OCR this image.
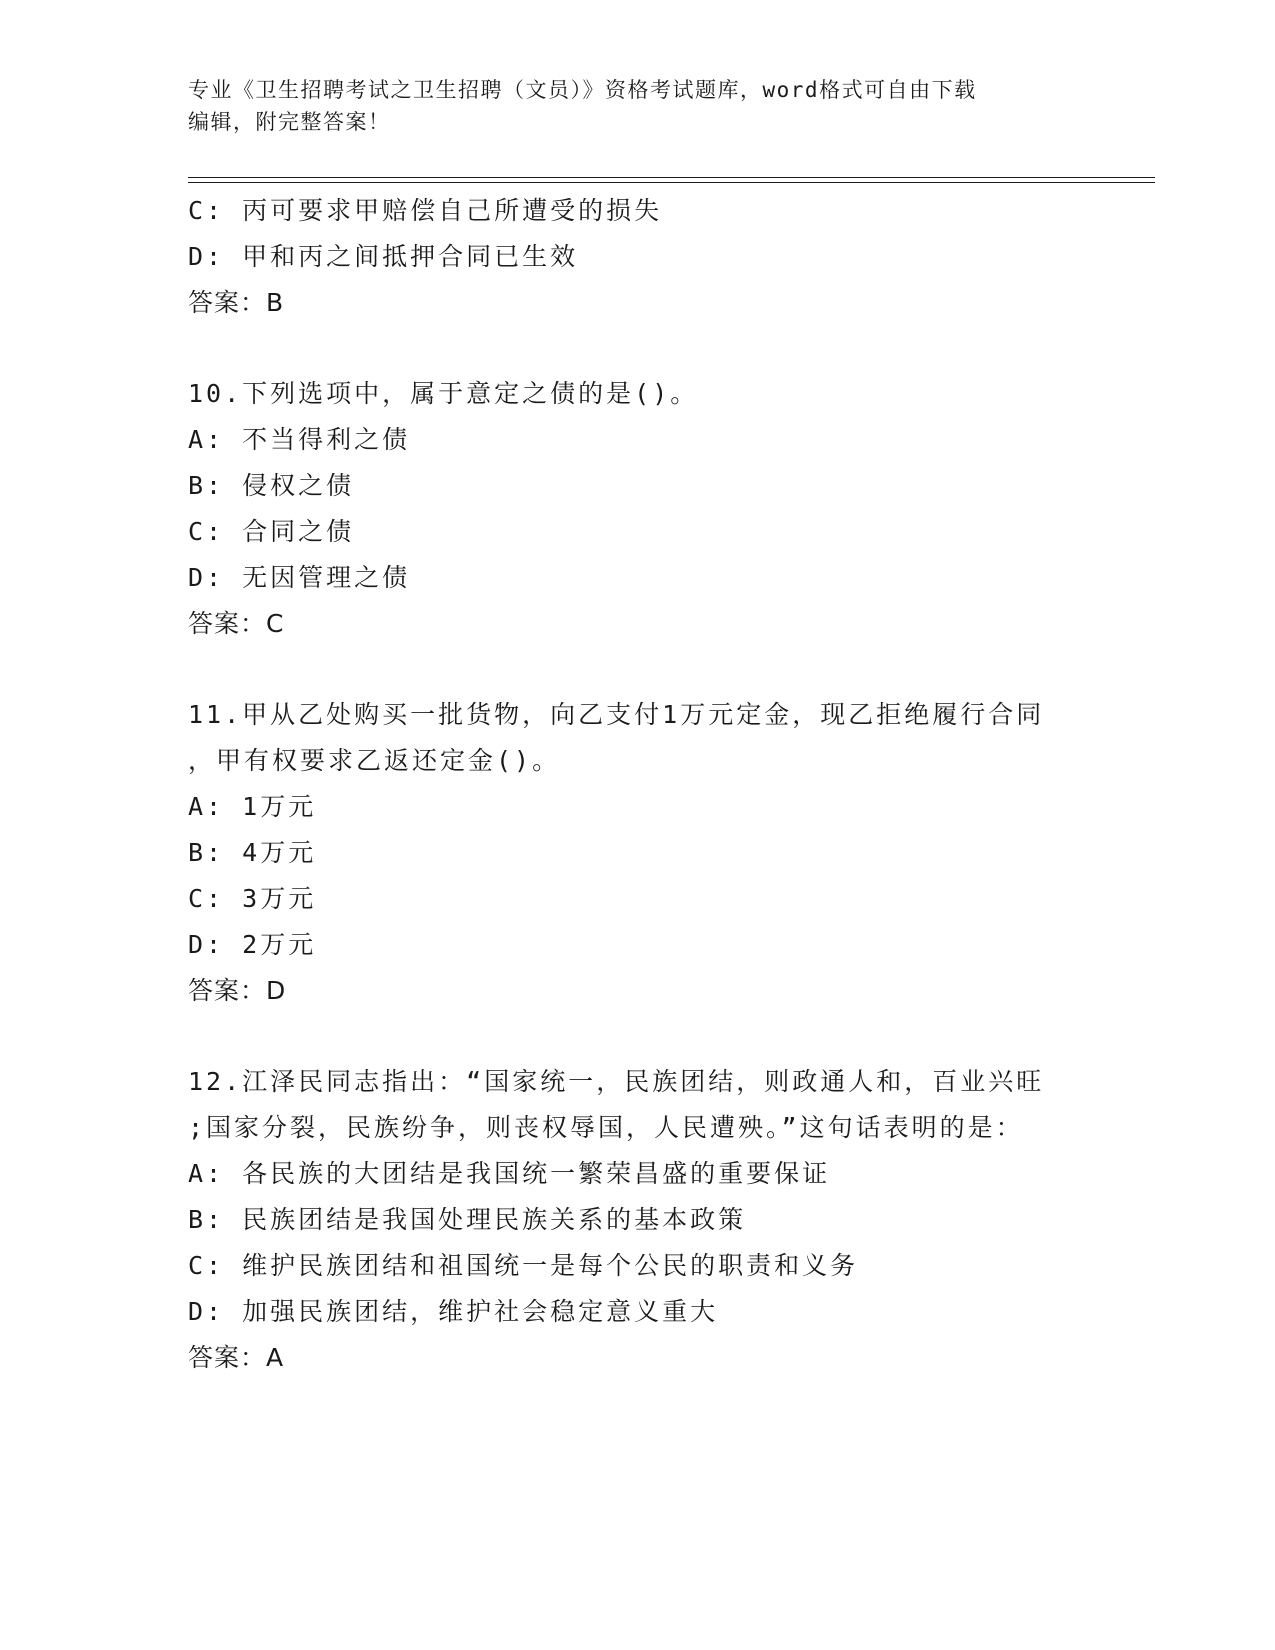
专业《卫生招聘考试之卫生招聘（文员）》资格考试题库，word格式可自由下载
编辑，附完整答案！
C: 丙可要求甲赔偿自己所遭受的损失
D: 甲和丙之间抵押合同已生效
答案：B
10.下列选项中，属于意定之债的是()。
A: 不当得利之债
B: 侵权之债
C: 合同之债
D: 无因管理之债
答案：C
11.甲从乙处购买一批货物，向乙支付1万元定金，现乙拒绝履行合同
，甲有权要求乙返还定金()。
A: 1万元
B: 4万元
C: 3万元
D: 2万元
答案：D
12.江泽民同志指出：“国家统一，民族团结，则政通人和，百业兴旺
;国家分裂，民族纷争，则丧权辱国，人民遭殃。”这句话表明的是：
A: 各民族的大团结是我国统一繁荣昌盛的重要保证
B: 民族团结是我国处理民族关系的基本政策
C: 维护民族团结和祖国统一是每个公民的职责和义务
D: 加强民族团结，维护社会稳定意义重大
答案：A
